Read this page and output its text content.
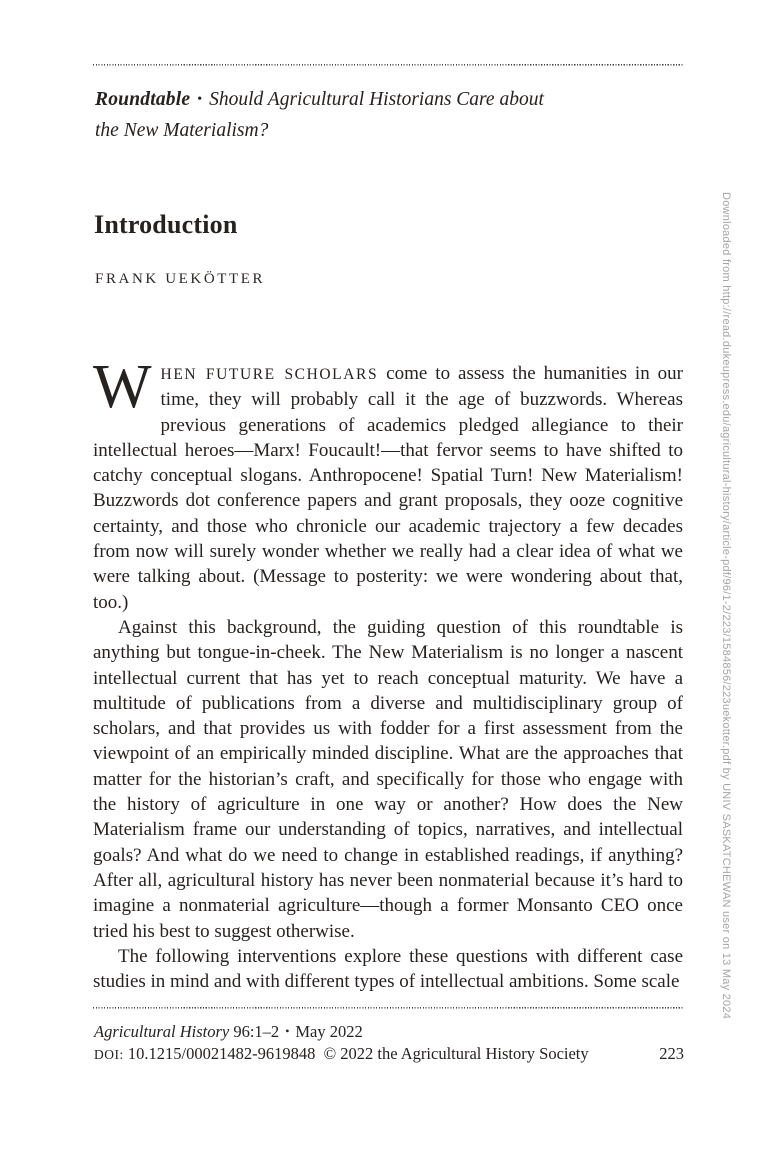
Roundtable • Should Agricultural Historians Care about
the New Materialism?
Introduction
FRANK UEKÖTTER

WHEN FUTURE SCHOLARS come to assess the humanities in our time, they will probably call it the age of buzzwords. Whereas previous generations of academics pledged allegiance to their intellectual heroes—Marx! Foucault!—that fervor seems to have shifted to catchy conceptual slogans. Anthropocene! Spatial Turn! New Materialism! Buzzwords dot conference papers and grant proposals, they ooze cognitive certainty, and those who chronicle our academic trajectory a few decades from now will surely wonder whether we really had a clear idea of what we were talking about. (Message to posterity: we were wondering about that, too.)

Against this background, the guiding question of this roundtable is anything but tongue-in-cheek. The New Materialism is no longer a nascent intellectual current that has yet to reach conceptual maturity. We have a multitude of publications from a diverse and multidisciplinary group of scholars, and that provides us with fodder for a first assessment from the viewpoint of an empirically minded discipline. What are the approaches that matter for the historian’s craft, and specifically for those who engage with the history of agriculture in one way or another? How does the New Materialism frame our understanding of topics, narratives, and intellectual goals? And what do we need to change in established readings, if anything? After all, agricultural history has never been nonmaterial because it’s hard to imagine a nonmaterial agriculture—though a former Monsanto CEO once tried his best to suggest otherwise.

The following interventions explore these questions with different case studies in mind and with different types of intellectual ambitions. Some scale

Agricultural History 96:1–2 • May 2022
DOI: 10.1215/00021482-9619848 © 2022 the Agricultural History Society	223
Downloaded from http://read.dukeupress.edu/agricultural-history/article-pdf/96/1-2/223/1584856/223uekotter.pdf by UNIV SASKATCHEWAN user on 13 May 2024
